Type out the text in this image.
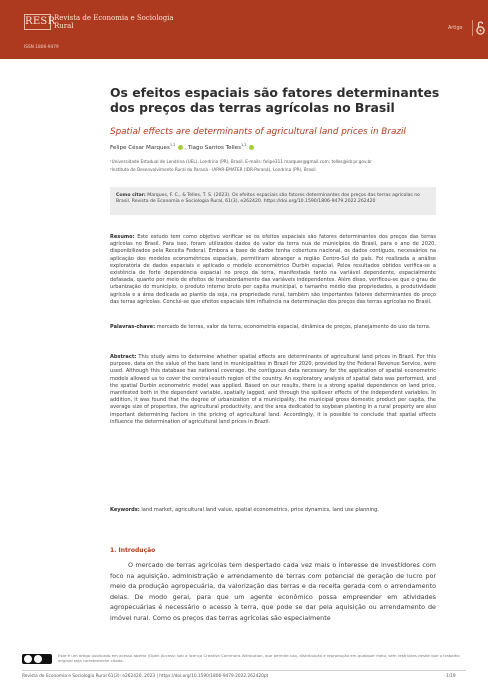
RESR
Revista de Economia e Sociologia Rural
ISSN 1806-9479
Artigo
Os efeitos espaciais são fatores determinantes dos preços das terras agrícolas no Brasil
Spatial effects are determinants of agricultural land prices in Brazil
Felipe César Marques$^{1,2}$ , Tiago Santos Telles$^{1,2}$
¹Universidade Estadual de Londrina (UEL), Londrina (PR), Brasil. E-mails: felipe311.marques@gmail.com; telles@idr.pr.gov.br
²Instituto de Desenvolvimento Rural do Paraná - IAPAR-EMATER (IDR-Paraná), Londrina (PR), Brasil.
Como citar: Marques, F. C., & Telles, T. S. (2023). Os efeitos espaciais são fatores determinantes dos preços das terras agrícolas no Brasil. Revista de Economia e Sociologia Rural, 61(3), e262420. https://doi.org/10.1590/1806-9479.2022.262420
Resumo: Este estudo tem como objetivo verificar se os efeitos espaciais são fatores determinantes dos preços das terras agrícolas no Brasil. Para isso, foram utilizados dados do valor da terra nua de municípios do Brasil, para o ano de 2020, disponibilizados pela Receita Federal. Embora a base de dados tenha cobertura nacional, os dados contíguos, necessários na aplicação dos modelos econométricos espaciais, permitiram abranger a região Centro-Sul do país. Foi realizada a análise exploratória de dados espaciais e aplicado o modelo econométrico Durbin espacial. Pelos resultados obtidos verifica-se a existência de forte dependência espacial no preço da terra, manifestada tanto na variável dependente, espacialmente defasada, quanto por meio de efeitos de transbordamento das variáveis independentes. Além disso, verificou-se que o grau de urbanização do município, o produto interno bruto per capita municipal, o tamanho médio das propriedades, a produtividade agrícola e a área dedicada ao plantio da soja, na propriedade rural, também são importantes fatores determinantes do preço das terras agrícolas. Conclui-se que efeitos espaciais têm influência na determinação dos preços das terras agrícolas no Brasil.
Palavras-chave: mercado de terras, valor da terra, econometria espacial, dinâmica de preços, planejamento do uso da terra.
Abstract: This study aims to determine whether spatial effects are determinants of agricultural land prices in Brazil. For this purpose, data on the value of the bare land in municipalities in Brazil for 2020, provided by the Federal Revenue Service, were used. Although this database has national coverage, the contiguous data necessary for the application of spatial econometric models allowed us to cover the central-south region of the country. An exploratory analysis of spatial data was performed, and the spatial Durbin econometric model was applied. Based on our results, there is a strong spatial dependence on land price, manifested both in the dependent variable, spatially lagged, and through the spillover effects of the independent variables. In addition, it was found that the degree of urbanization of a municipality, the municipal gross domestic product per capita, the average size of properties, the agricultural productivity, and the area dedicated to soybean planting in a rural property are also important determining factors in the pricing of agricultural land. Accordingly, it is possible to conclude that spatial effects influence the determination of agricultural land prices in Brazil.
Keywords: land market, agricultural land value, spatial econometrics, price dynamics, land use planning.
1. Introdução
O mercado de terras agrícolas tem despertado cada vez mais o interesse de investidores com foco na aquisição, administração e arrendamento de terras com potencial de geração de lucro por meio da produção agropecuária, da valorização das terras e da receita gerada com o arrendamento delas. De modo geral, para que um agente econômico possa empreender em atividades agropecuárias é necessário o acesso à terra, que pode se dar pela aquisição ou arrendamento de imóvel rural. Como os preços das terras agrícolas são especialmente
Este é um artigo publicado em acesso aberto (Open Access) sob a licença Creative Commons Attribution, que permite uso, distribuição e reprodução em qualquer meio, sem restrições desde que o trabalho original seja corretamente citado.
Revista de Economia e Sociologia Rural 61(3): e262420, 2023 | https://doi.org/10.1590/1806-9479.2022.262420pt	1/19
